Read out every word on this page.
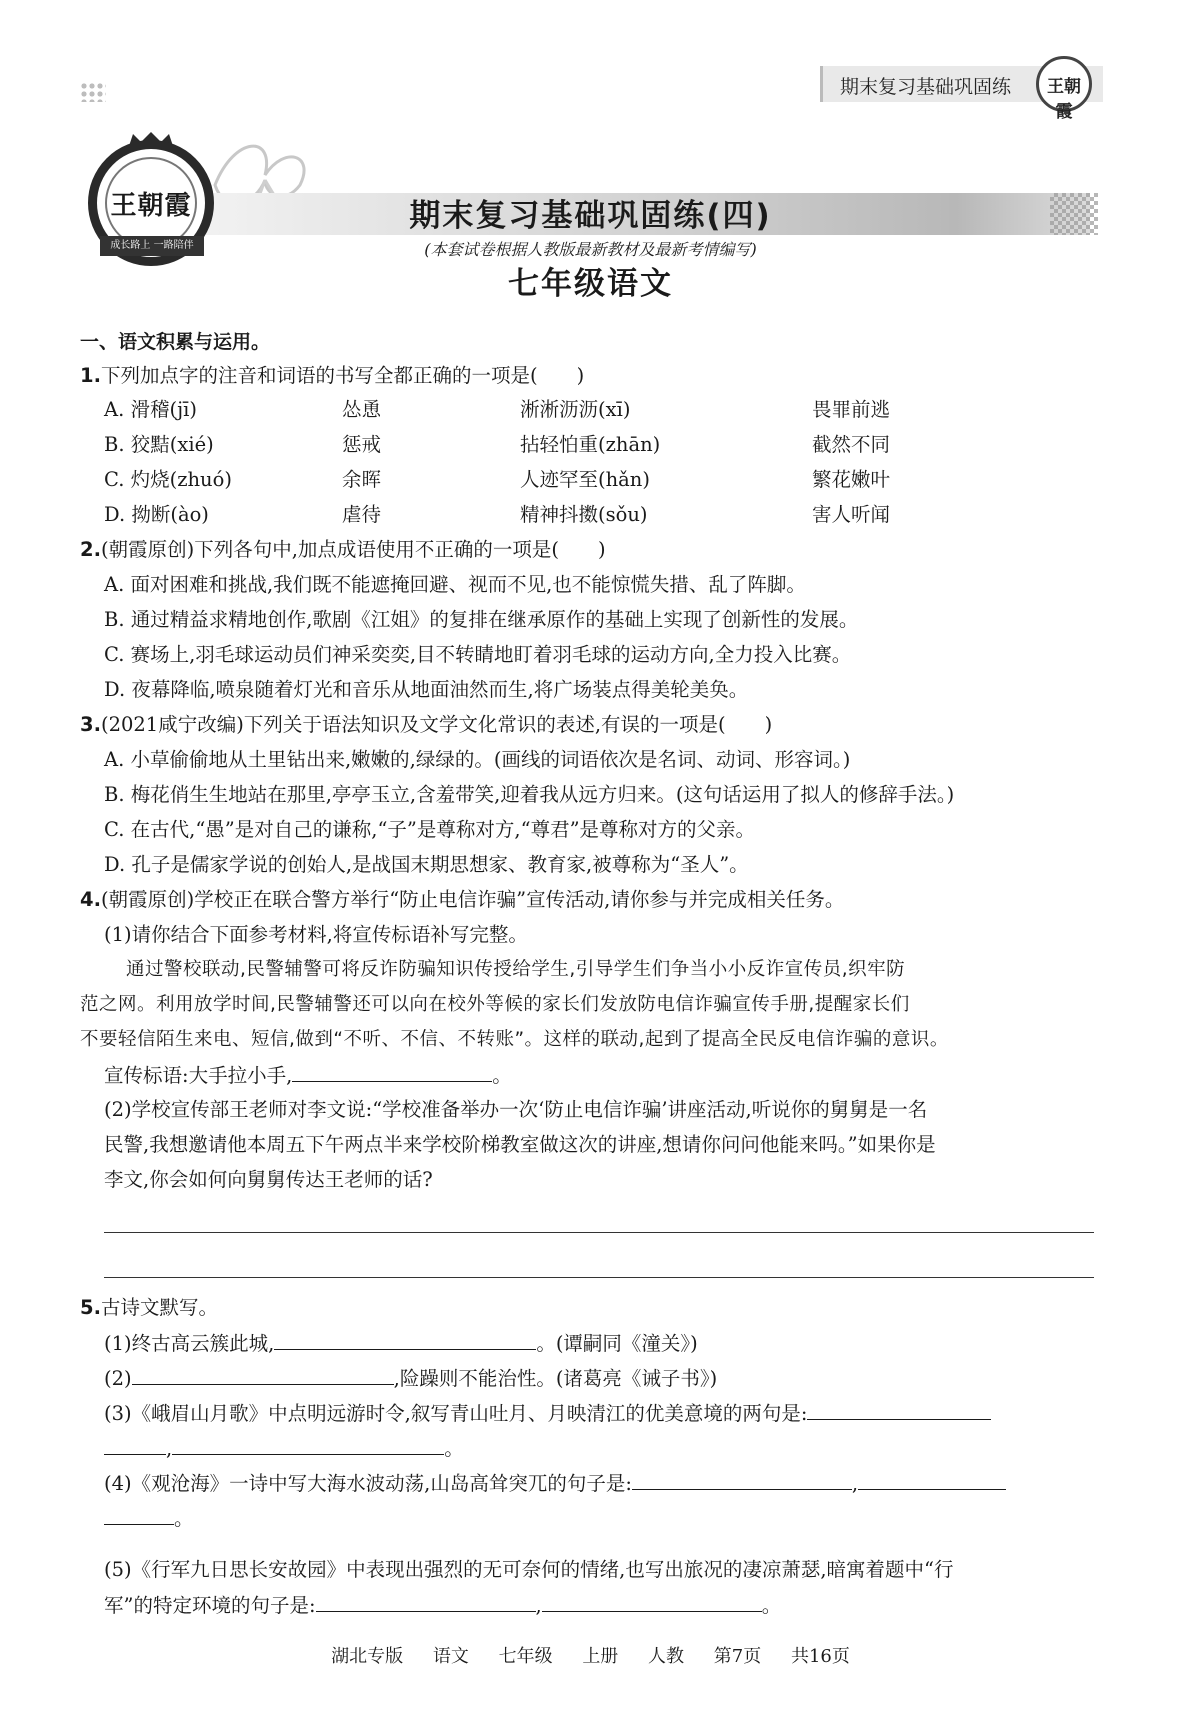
期末复习基础巩固练	王朝霞
王朝霞
成长路上 一路陪伴
期末复习基础巩固练(四)
(本套试卷根据人教版最新教材及最新考情编写)
七年级语文
一、语文积累与运用。
1.下列加点字的注音和词语的书写全都正确的一项是(　　)
A. 滑稽(jī)	怂恿	淅淅沥沥(xī)	畏罪前逃
B. 狡黠(xié)	惩戒	拈轻怕重(zhān)	截然不同
C. 灼烧(zhuó)	余晖	人迹罕至(hǎn)	繁花嫩叶
D. 拗断(ào)	虐待	精神抖擞(sǒu)	害人听闻
2.(朝霞原创)下列各句中,加点成语使用不正确的一项是(　　)
A. 面对困难和挑战,我们既不能遮掩回避、视而不见,也不能惊慌失措、乱了阵脚。
B. 通过精益求精地创作,歌剧《江姐》的复排在继承原作的基础上实现了创新性的发展。
C. 赛场上,羽毛球运动员们神采奕奕,目不转睛地盯着羽毛球的运动方向,全力投入比赛。
D. 夜幕降临,喷泉随着灯光和音乐从地面油然而生,将广场装点得美轮美奂。
3.(2021咸宁改编)下列关于语法知识及文学文化常识的表述,有误的一项是(　　)
A. 小草偷偷地从土里钻出来,嫩嫩的,绿绿的。(画线的词语依次是名词、动词、形容词。)
B. 梅花俏生生地站在那里,亭亭玉立,含羞带笑,迎着我从远方归来。(这句话运用了拟人的修辞手法。)
C. 在古代,“愚”是对自己的谦称,“子”是尊称对方,“尊君”是尊称对方的父亲。
D. 孔子是儒家学说的创始人,是战国末期思想家、教育家,被尊称为“圣人”。
4.(朝霞原创)学校正在联合警方举行“防止电信诈骗”宣传活动,请你参与并完成相关任务。
(1)请你结合下面参考材料,将宣传标语补写完整。
通过警校联动,民警辅警可将反诈防骗知识传授给学生,引导学生们争当小小反诈宣传员,织牢防
范之网。利用放学时间,民警辅警还可以向在校外等候的家长们发放防电信诈骗宣传手册,提醒家长们
不要轻信陌生来电、短信,做到“不听、不信、不转账”。这样的联动,起到了提高全民反电信诈骗的意识。
宣传标语:大手拉小手,	。
(2)学校宣传部王老师对李文说:“学校准备举办一次‘防止电信诈骗’讲座活动,听说你的舅舅是一名
民警,我想邀请他本周五下午两点半来学校阶梯教室做这次的讲座,想请你问问他能来吗。”如果你是
李文,你会如何向舅舅传达王老师的话?
5.古诗文默写。
(1)终古高云簇此城,	。(谭嗣同《潼关》)
(2)	,险躁则不能治性。(诸葛亮《诫子书》)
(3)《峨眉山月歌》中点明远游时令,叙写青山吐月、月映清江的优美意境的两句是:
,	。
(4)《观沧海》一诗中写大海水波动荡,山岛高耸突兀的句子是:	,
。
(5)《行军九日思长安故园》中表现出强烈的无可奈何的情绪,也写出旅况的凄凉萧瑟,暗寓着题中“行
军”的特定环境的句子是:	,	。
湖北专版 语文 七年级 上册 人教 第7页 共16页
